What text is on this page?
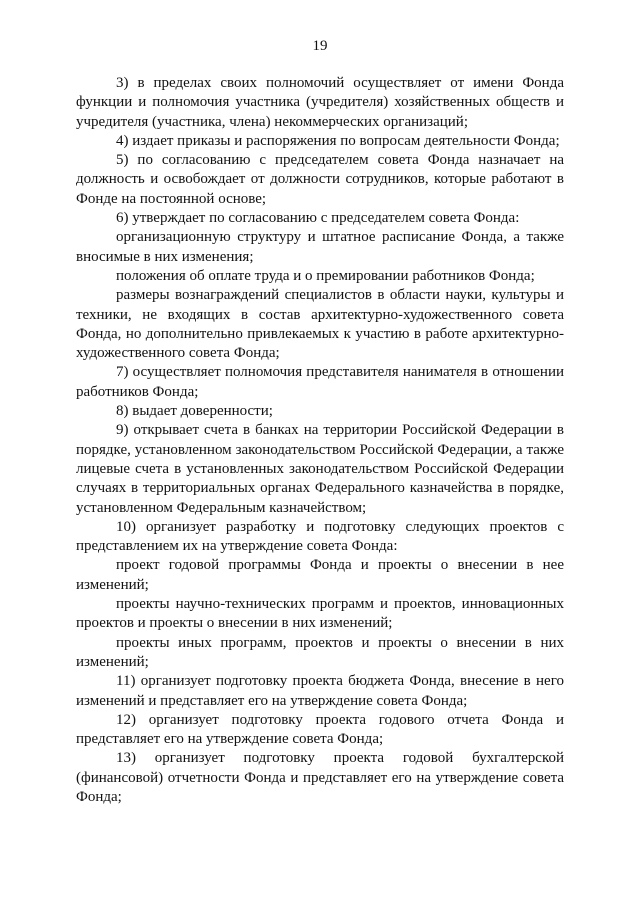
19

3) в пределах своих полномочий осуществляет от имени Фонда функции и полномочия участника (учредителя) хозяйственных обществ и учредителя (участника, члена) некоммерческих организаций;

4) издает приказы и распоряжения по вопросам деятельности Фонда;

5) по согласованию с председателем совета Фонда назначает на должность и освобождает от должности сотрудников, которые работают в Фонде на постоянной основе;

6) утверждает по согласованию с председателем совета Фонда:

организационную структуру и штатное расписание Фонда, а также вносимые в них изменения;

положения об оплате труда и о премировании работников Фонда;

размеры вознаграждений специалистов в области науки, культуры и техники, не входящих в состав архитектурно-художественного совета Фонда, но дополнительно привлекаемых к участию в работе архитектурно-художественного совета Фонда;

7) осуществляет полномочия представителя нанимателя в отношении работников Фонда;

8) выдает доверенности;

9) открывает счета в банках на территории Российской Федерации в порядке, установленном законодательством Российской Федерации, а также лицевые счета в установленных законодательством Российской Федерации случаях в территориальных органах Федерального казначейства в порядке, установленном Федеральным казначейством;

10) организует разработку и подготовку следующих проектов с представлением их на утверждение совета Фонда:

проект годовой программы Фонда и проекты о внесении в нее изменений;

проекты научно-технических программ и проектов, инновационных проектов и проекты о внесении в них изменений;

проекты иных программ, проектов и проекты о внесении в них изменений;

11) организует подготовку проекта бюджета Фонда, внесение в него изменений и представляет его на утверждение совета Фонда;

12) организует подготовку проекта годового отчета Фонда и представляет его на утверждение совета Фонда;

13) организует подготовку проекта годовой бухгалтерской (финансовой) отчетности Фонда и представляет его на утверждение совета Фонда;
